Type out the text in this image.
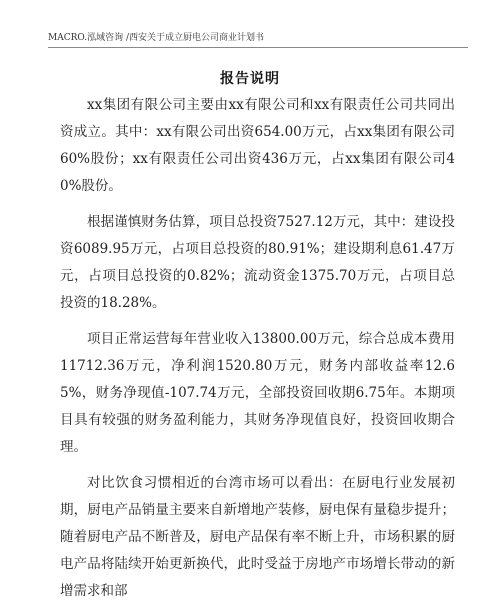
MACRO.泓域咨询 /西安关于成立厨电公司商业计划书
报告说明

xx集团有限公司主要由xx有限公司和xx有限责任公司共同出资成立。其中：xx有限公司出资654.00万元，占xx集团有限公司60%股份；xx有限责任公司出资436万元，占xx集团有限公司40%股份。

根据谨慎财务估算，项目总投资7527.12万元，其中：建设投资6089.95万元，占项目总投资的80.91%；建设期利息61.47万元，占项目总投资的0.82%；流动资金1375.70万元，占项目总投资的18.28%。

项目正常运营每年营业收入13800.00万元，综合总成本费用11712.36万元，净利润1520.80万元，财务内部收益率12.65%，财务净现值-107.74万元，全部投资回收期6.75年。本期项目具有较强的财务盈利能力，其财务净现值良好，投资回收期合理。

对比饮食习惯相近的台湾市场可以看出：在厨电行业发展初期，厨电产品销量主要来自新增地产装修，厨电保有量稳步提升；随着厨电产品不断普及，厨电产品保有率不断上升，市场积累的厨电产品将陆续开始更新换代，此时受益于房地产市场增长带动的新增需求和部
